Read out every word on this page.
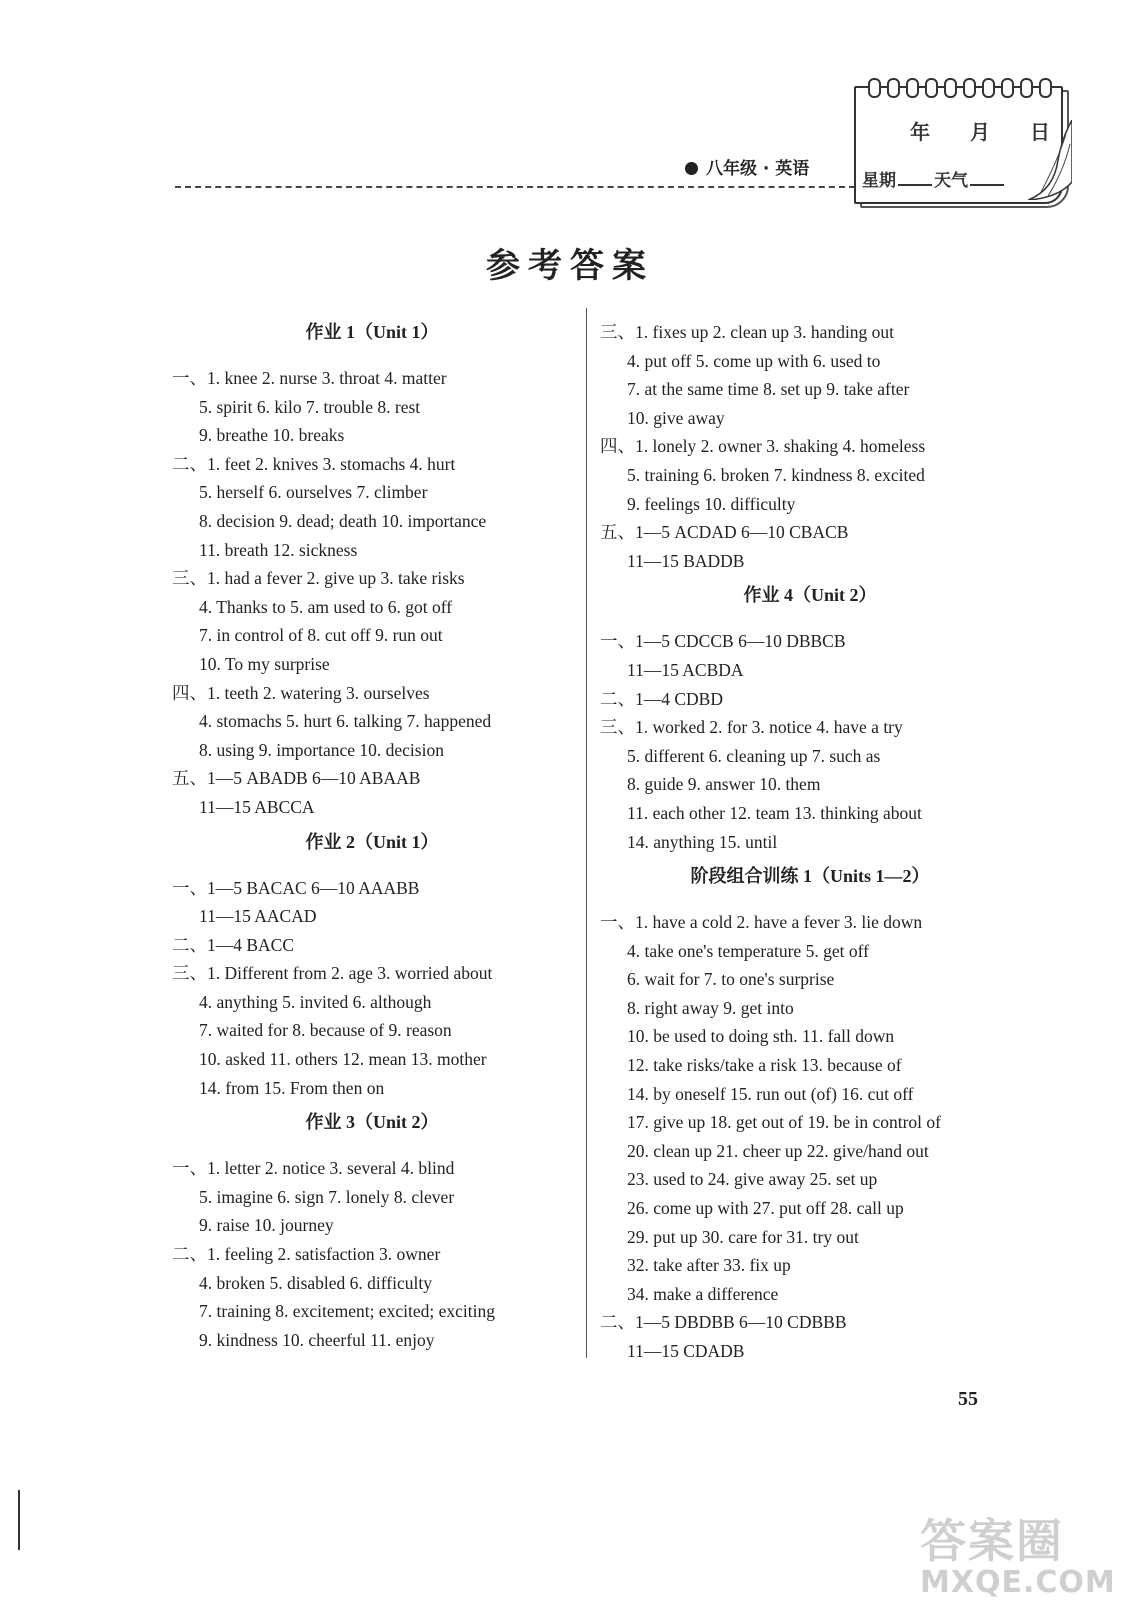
八年级 · 英语
年 月 日
星期 天气
参考答案
作业 1（Unit 1）
一、1. knee 2. nurse 3. throat 4. matter
5. spirit 6. kilo 7. trouble 8. rest
9. breathe 10. breaks
二、1. feet 2. knives 3. stomachs 4. hurt
5. herself 6. ourselves 7. climber
8. decision 9. dead; death 10. importance
11. breath 12. sickness
三、1. had a fever 2. give up 3. take risks
4. Thanks to 5. am used to 6. got off
7. in control of 8. cut off 9. run out
10. To my surprise
四、1. teeth 2. watering 3. ourselves
4. stomachs 5. hurt 6. talking 7. happened
8. using 9. importance 10. decision
五、1—5 ABADB 6—10 ABAAB
11—15 ABCCA
作业 2（Unit 1）
一、1—5 BACAC 6—10 AAABB
11—15 AACAD
二、1—4 BACC
三、1. Different from 2. age 3. worried about
4. anything 5. invited 6. although
7. waited for 8. because of 9. reason
10. asked 11. others 12. mean 13. mother
14. from 15. From then on
作业 3（Unit 2）
一、1. letter 2. notice 3. several 4. blind
5. imagine 6. sign 7. lonely 8. clever
9. raise 10. journey
二、1. feeling 2. satisfaction 3. owner
4. broken 5. disabled 6. difficulty
7. training 8. excitement; excited; exciting
9. kindness 10. cheerful 11. enjoy
三、1. fixes up 2. clean up 3. handing out
4. put off 5. come up with 6. used to
7. at the same time 8. set up 9. take after
10. give away
四、1. lonely 2. owner 3. shaking 4. homeless
5. training 6. broken 7. kindness 8. excited
9. feelings 10. difficulty
五、1—5 ACDAD 6—10 CBACB
11—15 BADDB
作业 4（Unit 2）
一、1—5 CDCCB 6—10 DBBCB
11—15 ACBDA
二、1—4 CDBD
三、1. worked 2. for 3. notice 4. have a try
5. different 6. cleaning up 7. such as
8. guide 9. answer 10. them
11. each other 12. team 13. thinking about
14. anything 15. until
阶段组合训练 1（Units 1—2）
一、1. have a cold 2. have a fever 3. lie down
4. take one's temperature 5. get off
6. wait for 7. to one's surprise
8. right away 9. get into
10. be used to doing sth. 11. fall down
12. take risks/take a risk 13. because of
14. by oneself 15. run out (of) 16. cut off
17. give up 18. get out of 19. be in control of
20. clean up 21. cheer up 22. give/hand out
23. used to 24. give away 25. set up
26. come up with 27. put off 28. call up
29. put up 30. care for 31. try out
32. take after 33. fix up
34. make a difference
二、1—5 DBDBB 6—10 CDBBB
11—15 CDADB
55
答案圈
MXQE.COM
